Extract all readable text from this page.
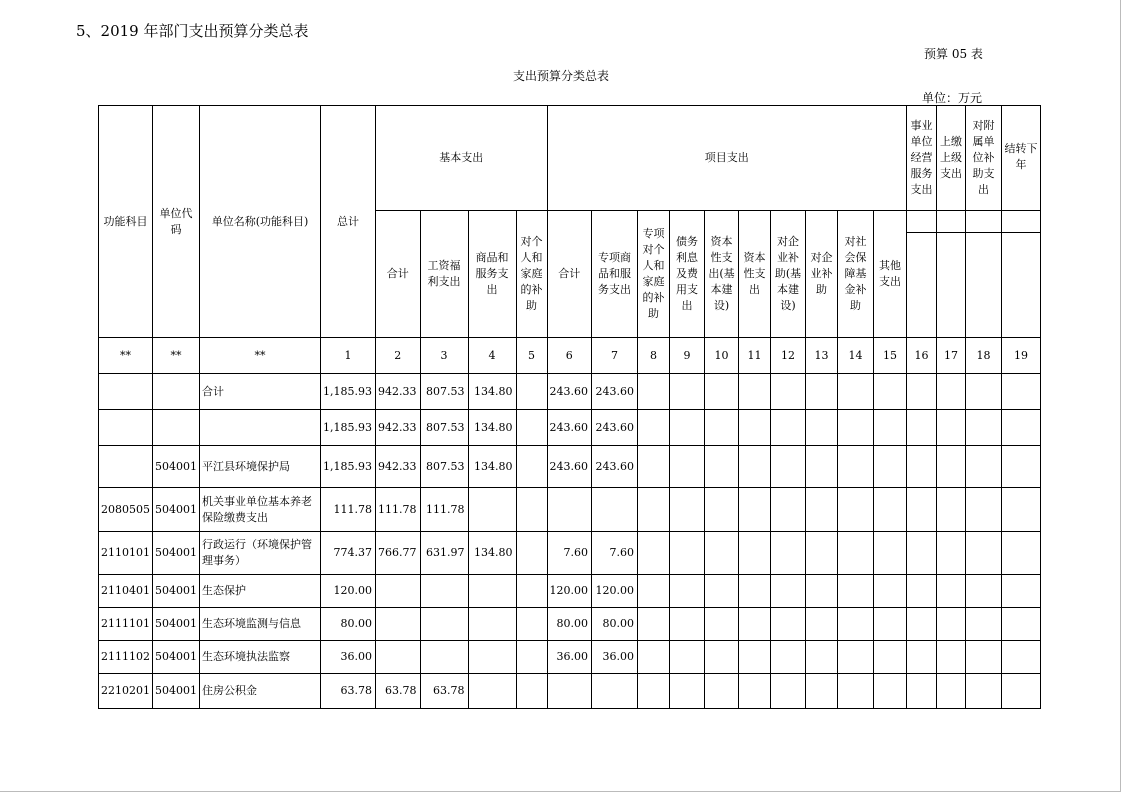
5、2019 年部门支出预算分类总表
预算 05 表
支出预算分类总表
单位：万元
功能科目	单位代码	单位名称(功能科目)	总计	基本支出				项目支出										事业单位经营服务支出	上缴上级支出	对附属单位补助支出	结转下年
				合计	工资福利支出	商品和服务支出	对个人和家庭的补助	合计	专项商品和服务支出	专项对个人和家庭的补助	债务利息及费用支出	资本性支出(基本建设)	资本性支出	对企业补助(基本建设)	对企业补助	对社会保障基金补助	其他支出				

**	**	**	1	2	3	4	5	6	7	8	9	10	11	12	13	14	15	16	17	18	19
		合计	1,185.93	942.33	807.53	134.80		243.60	243.60												
			1,185.93	942.33	807.53	134.80		243.60	243.60												
	504001	平江县环境保护局	1,185.93	942.33	807.53	134.80		243.60	243.60												
2080505	504001	机关事业单位基本养老保险缴费支出	111.78	111.78	111.78																
2110101	504001	行政运行（环境保护管理事务）	774.37	766.77	631.97	134.80		7.60	7.60												
2110401	504001	生态保护	120.00					120.00	120.00												
2111101	504001	生态环境监测与信息	80.00					80.00	80.00												
2111102	504001	生态环境执法监察	36.00					36.00	36.00												
2210201	504001	住房公积金	63.78	63.78	63.78																
